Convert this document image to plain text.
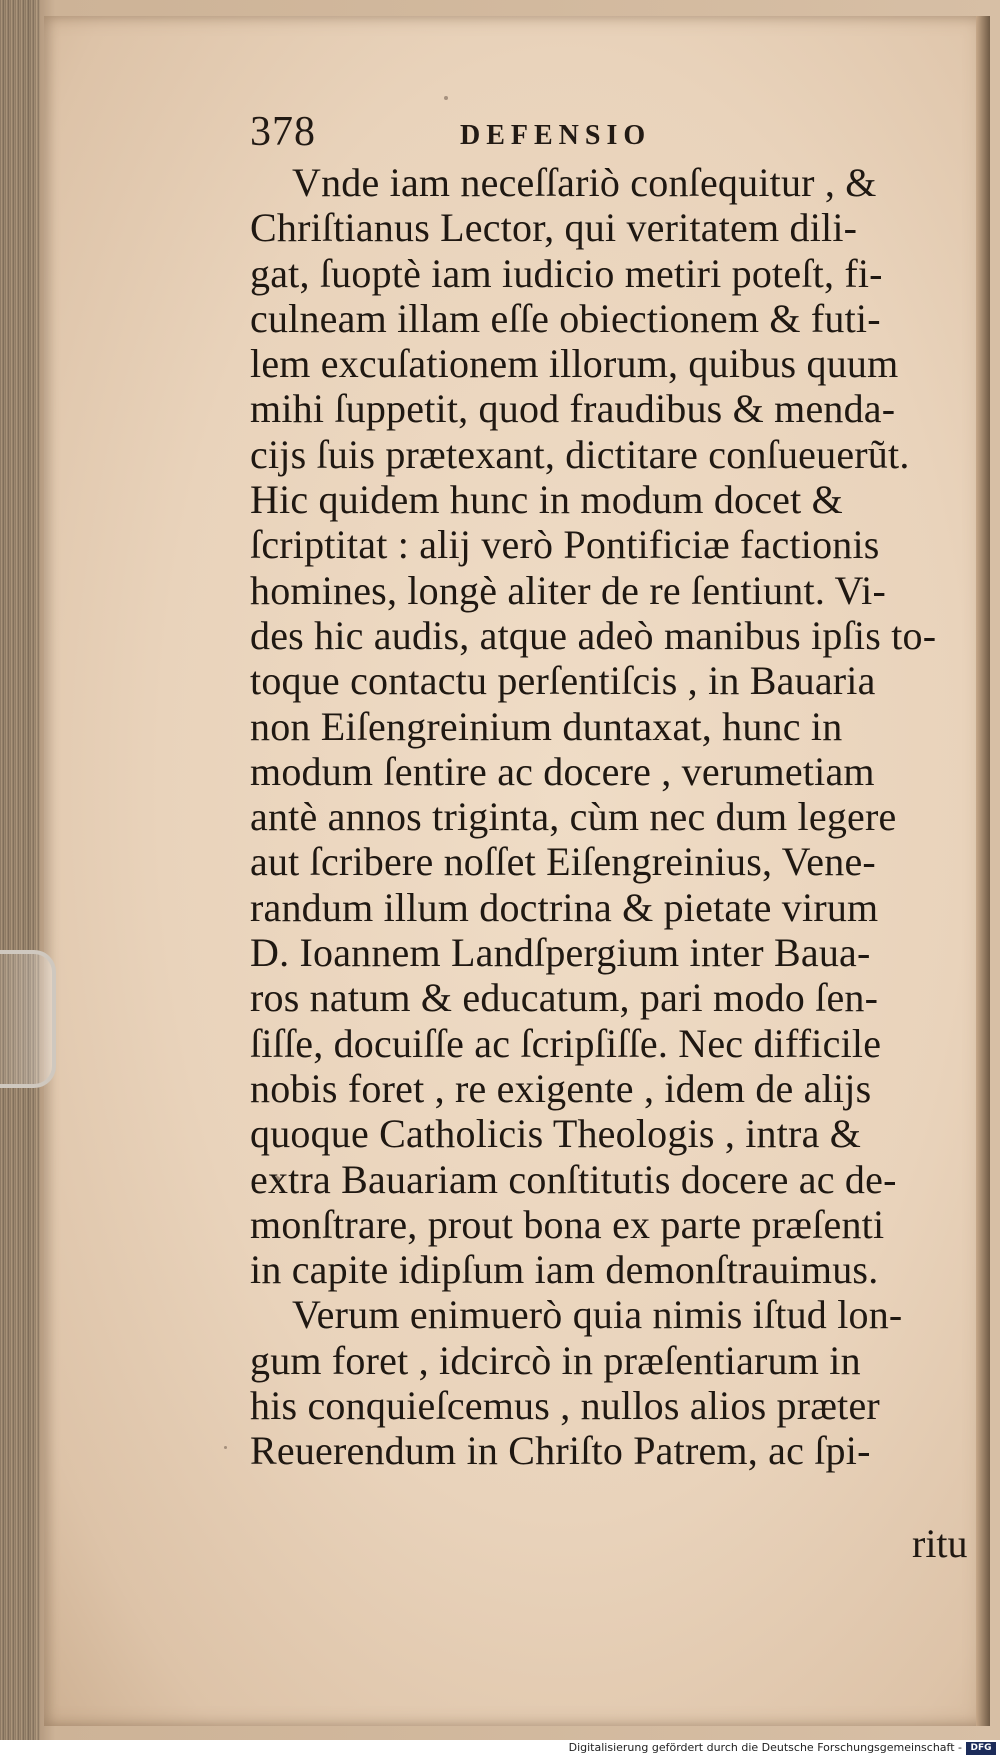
378	DEFENSIO
Vnde iam neceſſariò conſequitur , &
Chriſtianus Lector, qui veritatem dili-
gat, ſuoptè iam iudicio metiri poteſt, fi-
culneam illam eſſe obiectionem & futi-
lem excuſationem illorum, quibus quum
mihi ſuppetit, quod fraudibus & menda-
cijs ſuis prætexant, dictitare conſueuerũt.
Hic quidem hunc in modum docet &
ſcriptitat : alij verò Pontificiæ factionis
homines, longè aliter de re ſentiunt. Vi-
des hic audis, atque adeò manibus ipſis to-
toque contactu perſentiſcis , in Bauaria
non Eiſengreinium duntaxat, hunc in
modum ſentire ac docere , verumetiam
antè annos triginta, cùm nec dum legere
aut ſcribere noſſet Eiſengreinius, Vene-
randum illum doctrina & pietate virum
D. Ioannem Landſpergium inter Baua-
ros natum & educatum, pari modo ſen-
ſiſſe, docuiſſe ac ſcripſiſſe. Nec difficile
nobis foret , re exigente , idem de alijs
quoque Catholicis Theologis , intra &
extra Bauariam conſtitutis docere ac de-
monſtrare, prout bona ex parte præſenti
in capite idipſum iam demonſtrauimus.
Verum enimuerò quia nimis iſtud lon-
gum foret , idcircò in præſentiarum in
his conquieſcemus , nullos alios præter
Reuerendum in Chriſto Patrem, ac ſpi-
ritu
Digitalisierung gefördert durch die Deutsche Forschungsgemeinschaft - DFG
